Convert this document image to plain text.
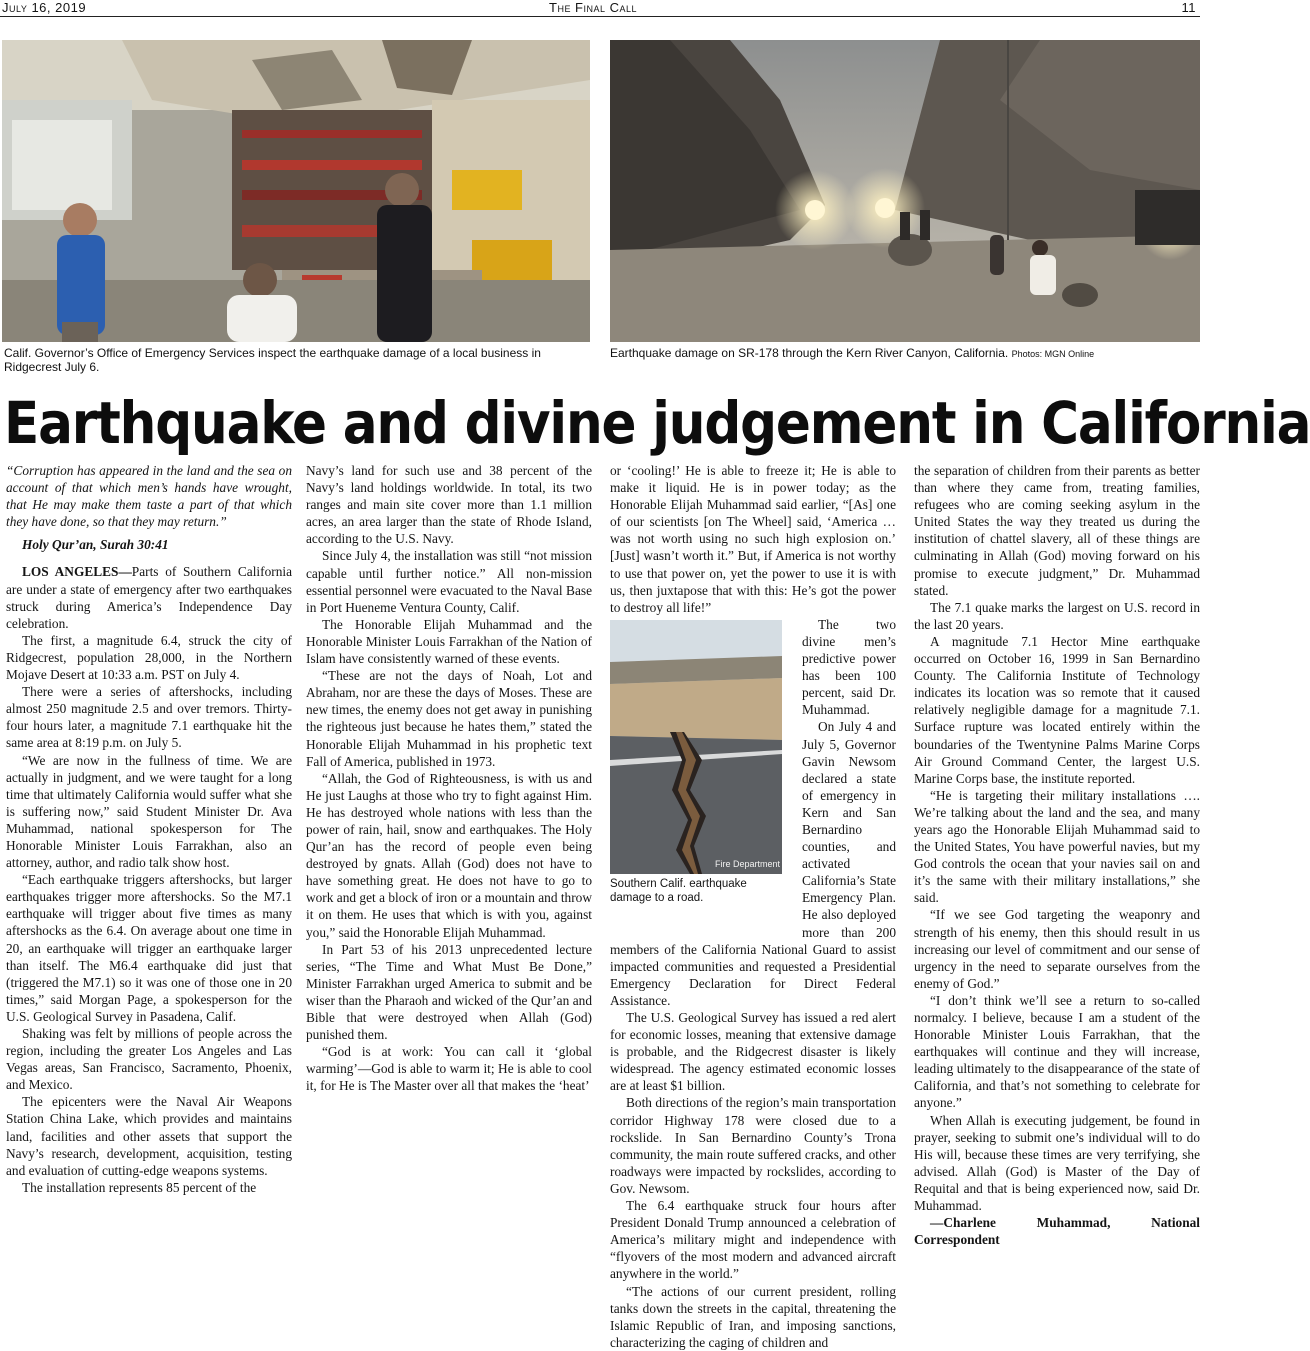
July 16, 2019	The Final Call	11
Calif. Governor’s Office of Emergency Services inspect the earthquake damage of a local business in Ridgecrest July 6.
Earthquake damage on SR-178 through the Kern River Canyon, California. Photos: MGN Online
Earthquake and divine judgement in California

“Corruption has appeared in the land and the sea on account of that which men’s hands have wrought, that He may make them taste a part of that which they have done, so that they may return.”

Holy Qur’an, Surah 30:41

LOS ANGELES—Parts of Southern California are under a state of emergency after two earthquakes struck during America’s Independence Day celebration.

The first, a magnitude 6.4, struck the city of Ridgecrest, population 28,000, in the Northern Mojave Desert at 10:33 a.m. PST on July 4.

There were a series of aftershocks, including almost 250 magnitude 2.5 and over tremors. Thirty-four hours later, a magnitude 7.1 earthquake hit the same area at 8:19 p.m. on July 5.

“We are now in the fullness of time. We are actually in judgment, and we were taught for a long time that ultimately California would suffer what she is suffering now,” said Student Minister Dr. Ava Muhammad, national spokesperson for The Honorable Minister Louis Farrakhan, also an attorney, author, and radio talk show host.

“Each earthquake triggers aftershocks, but larger earthquakes trigger more aftershocks. So the M7.1 earthquake will trigger about five times as many aftershocks as the 6.4. On average about one time in 20, an earthquake will trigger an earthquake larger than itself. The M6.4 earthquake did just that (triggered the M7.1) so it was one of those one in 20 times,” said Morgan Page, a spokesperson for the U.S. Geological Survey in Pasadena, Calif.

Shaking was felt by millions of people across the region, including the greater Los Angeles and Las Vegas areas, San Francisco, Sacramento, Phoenix, and Mexico.

The epicenters were the Naval Air Weapons Station China Lake, which provides and maintains land, facilities and other assets that support the Navy’s research, development, acquisition, testing and evaluation of cutting-edge weapons systems.

The installation represents 85 percent of the

Navy’s land for such use and 38 percent of the Navy’s land holdings worldwide. In total, its two ranges and main site cover more than 1.1 million acres, an area larger than the state of Rhode Island, according to the U.S. Navy.

Since July 4, the installation was still “not mission capable until further notice.” All non-mission essential personnel were evacuated to the Naval Base in Port Hueneme Ventura County, Calif.

The Honorable Elijah Muhammad and the Honorable Minister Louis Farrakhan of the Nation of Islam have consistently warned of these events.

“These are not the days of Noah, Lot and Abraham, nor are these the days of Moses. These are new times, the enemy does not get away in punishing the righteous just because he hates them,” stated the Honorable Elijah Muhammad in his prophetic text Fall of America, published in 1973.

“Allah, the God of Righteousness, is with us and He just Laughs at those who try to fight against Him. He has destroyed whole nations with less than the power of rain, hail, snow and earthquakes. The Holy Qur’an has the record of people even being destroyed by gnats. Allah (God) does not have to have something great. He does not have to go to work and get a block of iron or a mountain and throw it on them. He uses that which is with you, against you,” said the Honorable Elijah Muhammad.

In Part 53 of his 2013 unprecedented lecture series, “The Time and What Must Be Done,” Minister Farrakhan urged America to submit and be wiser than the Pharaoh and wicked of the Qur’an and Bible that were destroyed when Allah (God) punished them.

“God is at work: You can call it ‘global warming’—God is able to warm it; He is able to cool it, for He is The Master over all that makes the ‘heat’

or ‘cooling!’ He is able to freeze it; He is able to make it liquid. He is in power today; as the Honorable Elijah Muhammad said earlier, “[As] one of our scientists [on The Wheel] said, ‘America … was not worth using no such high explosion on.’ [Just] wasn’t worth it.” But, if America is not worthy to use that power on, yet the power to use it is with us, then juxtapose that with this: He’s got the power to destroy all life!”

Fire Department
Southern Calif. earthquake damage to a road.

The two divine men’s predictive power has been 100 percent, said Dr. Muhammad.

On July 4 and July 5, Governor Gavin Newsom declared a state of emergency in Kern and San Bernardino counties, and activated California’s State Emergency Plan. He also deployed more than 200 members of the California National Guard to assist impacted communities and requested a Presidential Emergency Declaration for Direct Federal Assistance.

The U.S. Geological Survey has issued a red alert for economic losses, meaning that extensive damage is probable, and the Ridgecrest disaster is likely widespread. The agency estimated economic losses are at least $1 billion.

Both directions of the region’s main transportation corridor Highway 178 were closed due to a rockslide. In San Bernardino County’s Trona community, the main route suffered cracks, and other roadways were impacted by rockslides, according to Gov. Newsom.

The 6.4 earthquake struck four hours after President Donald Trump announced a celebration of America’s military might and independence with “flyovers of the most modern and advanced aircraft anywhere in the world.”

“The actions of our current president, rolling tanks down the streets in the capital, threatening the Islamic Republic of Iran, and imposing sanctions, characterizing the caging of children and

the separation of children from their parents as better than where they came from, treating families, refugees who are coming seeking asylum in the United States the way they treated us during the institution of chattel slavery, all of these things are culminating in Allah (God) moving forward on his promise to execute judgment,” Dr. Muhammad stated.

The 7.1 quake marks the largest on U.S. record in the last 20 years.

A magnitude 7.1 Hector Mine earthquake occurred on October 16, 1999 in San Bernardino County. The California Institute of Technology indicates its location was so remote that it caused relatively negligible damage for a magnitude 7.1. Surface rupture was located entirely within the boundaries of the Twentynine Palms Marine Corps Air Ground Command Center, the largest U.S. Marine Corps base, the institute reported.

“He is targeting their military installations …. We’re talking about the land and the sea, and many years ago the Honorable Elijah Muhammad said to the United States, You have powerful navies, but my God controls the ocean that your navies sail on and it’s the same with their military installations,” she said.

“If we see God targeting the weaponry and strength of his enemy, then this should result in us increasing our level of commitment and our sense of urgency in the need to separate ourselves from the enemy of God.”

“I don’t think we’ll see a return to so-called normalcy. I believe, because I am a student of the Honorable Minister Louis Farrakhan, that the earthquakes will continue and they will increase, leading ultimately to the disappearance of the state of California, and that’s not something to celebrate for anyone.”

When Allah is executing judgement, be found in prayer, seeking to submit one’s individual will to do His will, because these times are very terrifying, she advised. Allah (God) is Master of the Day of Requital and that is being experienced now, said Dr. Muhammad.

—Charlene Muhammad, National Correspondent
